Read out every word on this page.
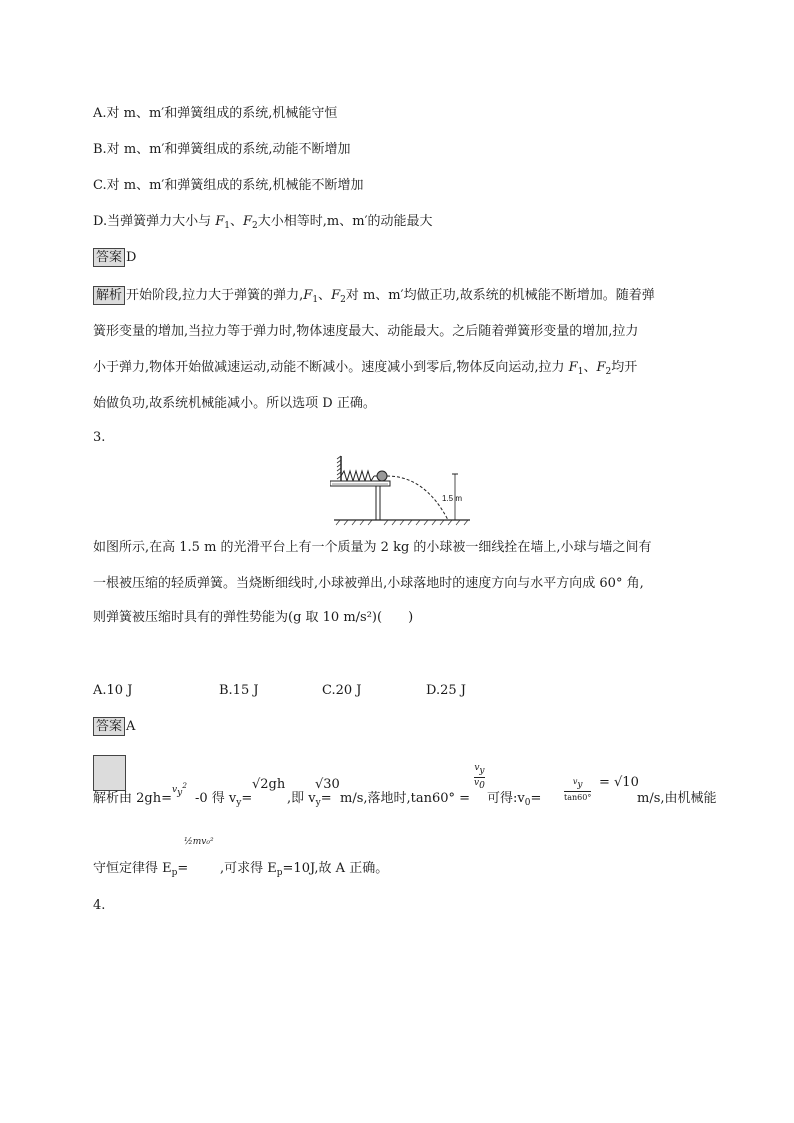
A.对 m、m′和弹簧组成的系统,机械能守恒
B.对 m、m′和弹簧组成的系统,动能不断增加
C.对 m、m′和弹簧组成的系统,机械能不断增加
D.当弹簧弹力大小与 $F_1$、$F_2$大小相等时,m、m′的动能最大
答案 D
解析 开始阶段,拉力大于弹簧的弹力$,F_1$、$F_2$对 m、m′均做正功,故系统的机械能不断增加。随着弹
簧形变量的增加,当拉力等于弹力时,物体速度最大、动能最大。之后随着弹簧形变量的增加,拉力
小于弹力,物体开始做减速运动,动能不断减小。速度减小到零后,物体反向运动,拉力 $F_1$、$F_2$均开
始做负功,故系统机械能减小。所以选项 D 正确。
3.
1.5 m
如图所示,在高 1.5 m 的光滑平台上有一个质量为 2 kg 的小球被一细线拴在墙上,小球与墙之间有
一根被压缩的轻质弹簧。当烧断细线时,小球被弹出,小球落地时的速度方向与水平方向成 60° 角,
则弹簧被压缩时具有的弹性势能为(g 取 10 m/s²)(　　)
A.10 J	B.15 J	C.20 J	D.25 J
答案 A
解析由 2gh=
$vy^2$
-0 得 $v_y=$
√2gh
,即 $v_y=$
√30
m/s,落地时,tan60° =
$\frac{vy}{v0}$
可得$:v_0=$	$\frac{vy}{\tan 60^\circ} = √10$
m/s,由机械能
守恒定律得 $E_p=$
½mv₀²
,可求得 $E_p=10J$,故 A 正确。
4.
